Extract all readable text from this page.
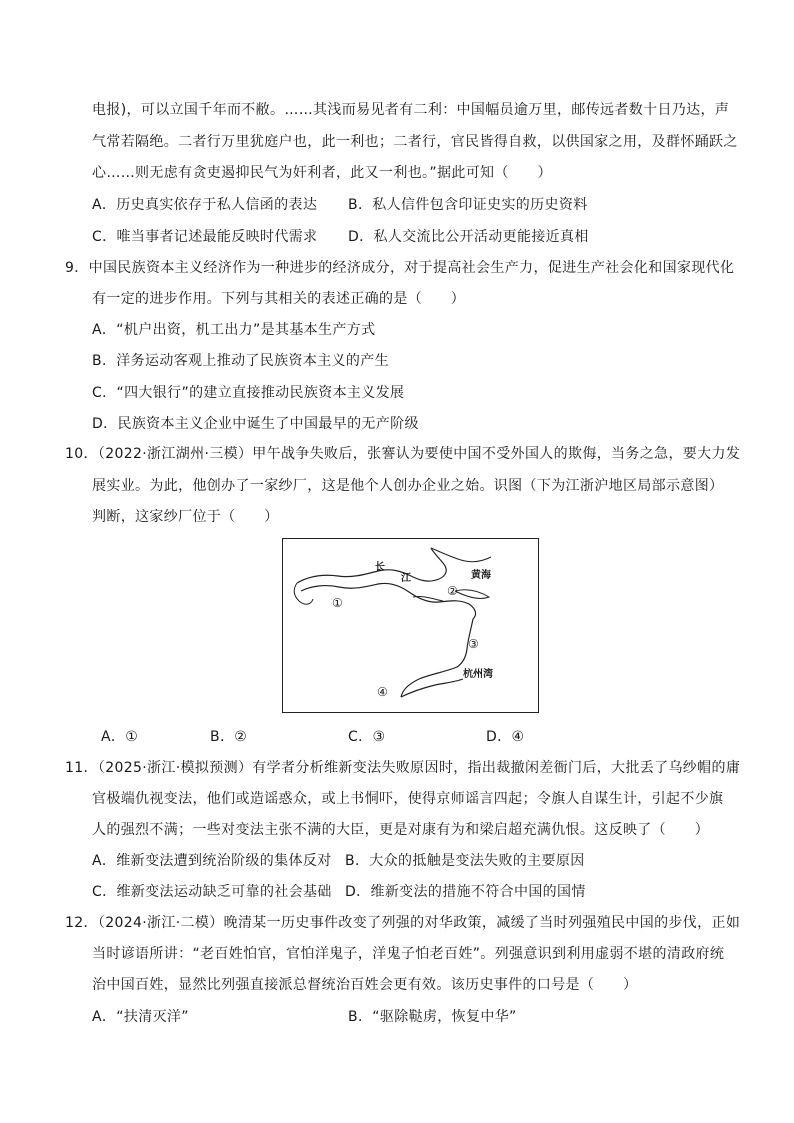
电报)，可以立国千年而不敝。……其浅而易见者有二利：中国幅员逾万里，邮传远者数十日乃达，声
气常若隔绝。二者行万里犹庭户也，此一利也；二者行，官民皆得自救，以供国家之用，及群怀踊跃之
心……则无虑有贪吏遏抑民气为奸利者，此又一利也。”据此可知（　　）
A．历史真实依存于私人信函的表达 B．私人信件包含印证史实的历史资料
C．唯当事者记述最能反映时代需求 D．私人交流比公开活动更能接近真相
9．中国民族资本主义经济作为一种进步的经济成分，对于提高社会生产力，促进生产社会化和国家现代化
有一定的进步作用。下列与其相关的表述正确的是（　　）
A．“机户出资，机工出力”是其基本生产方式
B．洋务运动客观上推动了民族资本主义的产生
C．“四大银行”的建立直接推动民族资本主义发展
D．民族资本主义企业中诞生了中国最早的无产阶级
10．（2022·浙江湖州·三模）甲午战争失败后，张謇认为要使中国不受外国人的欺侮，当务之急，要大力发
展实业。为此，他创办了一家纱厂，这是他个人创办企业之始。识图（下为江浙沪地区局部示意图）
判断，这家纱厂位于（　　）
长
江	黄海
杭州湾
①
②
③
④
A．①	B．②	C．③	D．④
11．（2025·浙江·模拟预测）有学者分析维新变法失败原因时，指出裁撤闲差衙门后，大批丢了乌纱帽的庸
官极端仇视变法，他们或造谣惑众，或上书恫吓，使得京师谣言四起；令旗人自谋生计，引起不少旗
人的强烈不满；一些对变法主张不满的大臣，更是对康有为和梁启超充满仇恨。这反映了（　　）
A．维新变法遭到统治阶级的集体反对 B．大众的抵触是变法失败的主要原因
C．维新变法运动缺乏可靠的社会基础 D．维新变法的措施不符合中国的国情
12．（2024·浙江·二模）晚清某一历史事件改变了列强的对华政策，减缓了当时列强殖民中国的步伐，正如
当时谚语所讲：“老百姓怕官，官怕洋鬼子，洋鬼子怕老百姓”。列强意识到利用虚弱不堪的清政府统
治中国百姓，显然比列强直接派总督统治百姓会更有效。该历史事件的口号是（　　）
A．“扶清灭洋”	B．“驱除鞑虏，恢复中华”
